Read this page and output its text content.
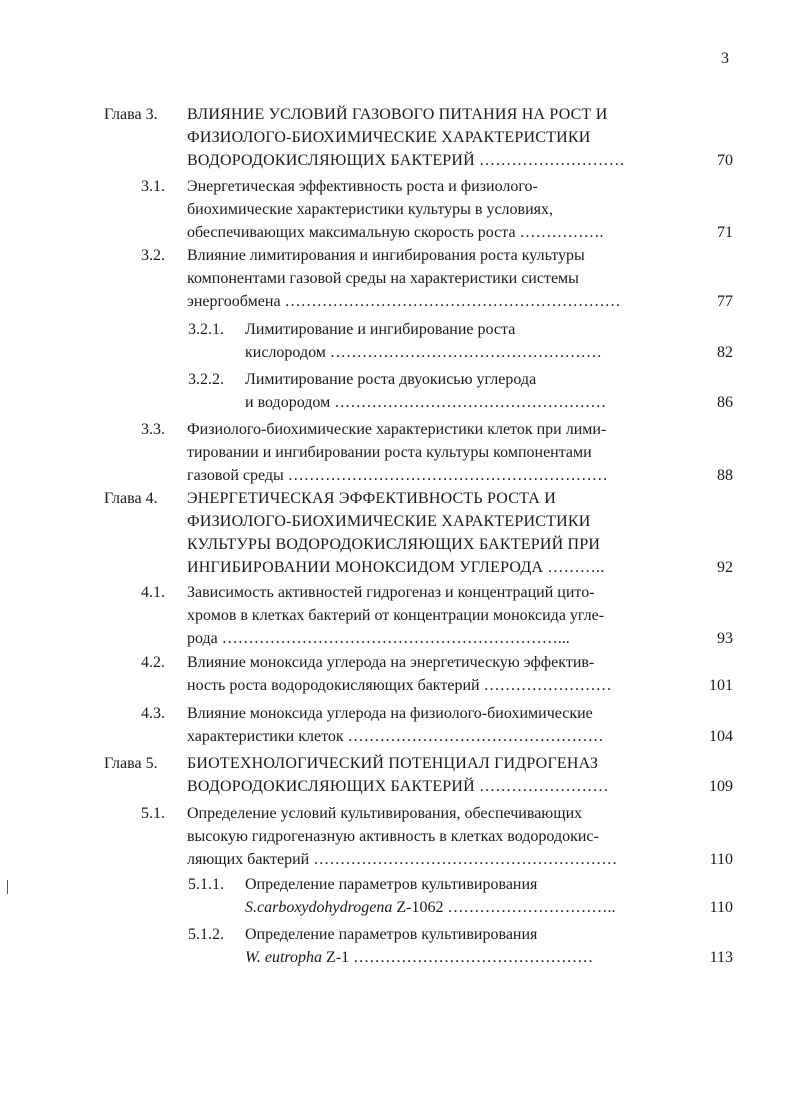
3
Глава 3. ВЛИЯНИЕ УСЛОВИЙ ГАЗОВОГО ПИТАНИЯ НА РОСТ И
ФИЗИОЛОГО-БИОХИМИЧЕСКИЕ ХАРАКТЕРИСТИКИ
ВОДОРОДОКИСЛЯЮЩИХ БАКТЕРИЙ ………………………	70
3.1. Энергетическая эффективность роста и физиолого-
биохимические характеристики культуры в условиях,
обеспечивающих максимальную скорость роста …………….	71
3.2. Влияние лимитирования и ингибирования роста культуры
компонентами газовой среды на характеристики системы
энергообмена ………………………………………………………	77
3.2.1. Лимитирование и ингибирование роста
кислородом ……………………………………………	82
3.2.2. Лимитирование роста двуокисью углерода
и водородом ……………………………………………	86
3.3. Физиолого-биохимические характеристики клеток при лими-
тировании и ингибировании роста культуры компонентами
газовой среды ……………………………………………………	88
Глава 4. ЭНЕРГЕТИЧЕСКАЯ ЭФФЕКТИВНОСТЬ РОСТА И
ФИЗИОЛОГО-БИОХИМИЧЕСКИЕ ХАРАКТЕРИСТИКИ
КУЛЬТУРЫ ВОДОРОДОКИСЛЯЮЩИХ БАКТЕРИЙ ПРИ
ИНГИБИРОВАНИИ МОНОКСИДОМ УГЛЕРОДА ………..	92
4.1. Зависимость активностей гидрогеназ и концентраций цито-
хромов в клетках бактерий от концентрации моноксида угле-
рода ………………………………………………………...	93
4.2. Влияние моноксида углерода на энергетическую эффектив-
ность роста водородокисляющих бактерий ……………………	101
4.3. Влияние моноксида углерода на физиолого-биохимические
характеристики клеток …………………………………………	104
Глава 5. БИОТЕХНОЛОГИЧЕСКИЙ ПОТЕНЦИАЛ ГИДРОГЕНАЗ
ВОДОРОДОКИСЛЯЮЩИХ БАКТЕРИЙ ……………………	109
5.1. Определение условий культивирования, обеспечивающих
высокую гидрогеназную активность в клетках водородокис-
ляющих бактерий …………………………………………………	110
5.1.1. Определение параметров культивирования
S.carboxydohydrogena Z-1062 …………………………..	110
5.1.2. Определение параметров культивирования
W. eutropha Z-1 ………………………………………	113
